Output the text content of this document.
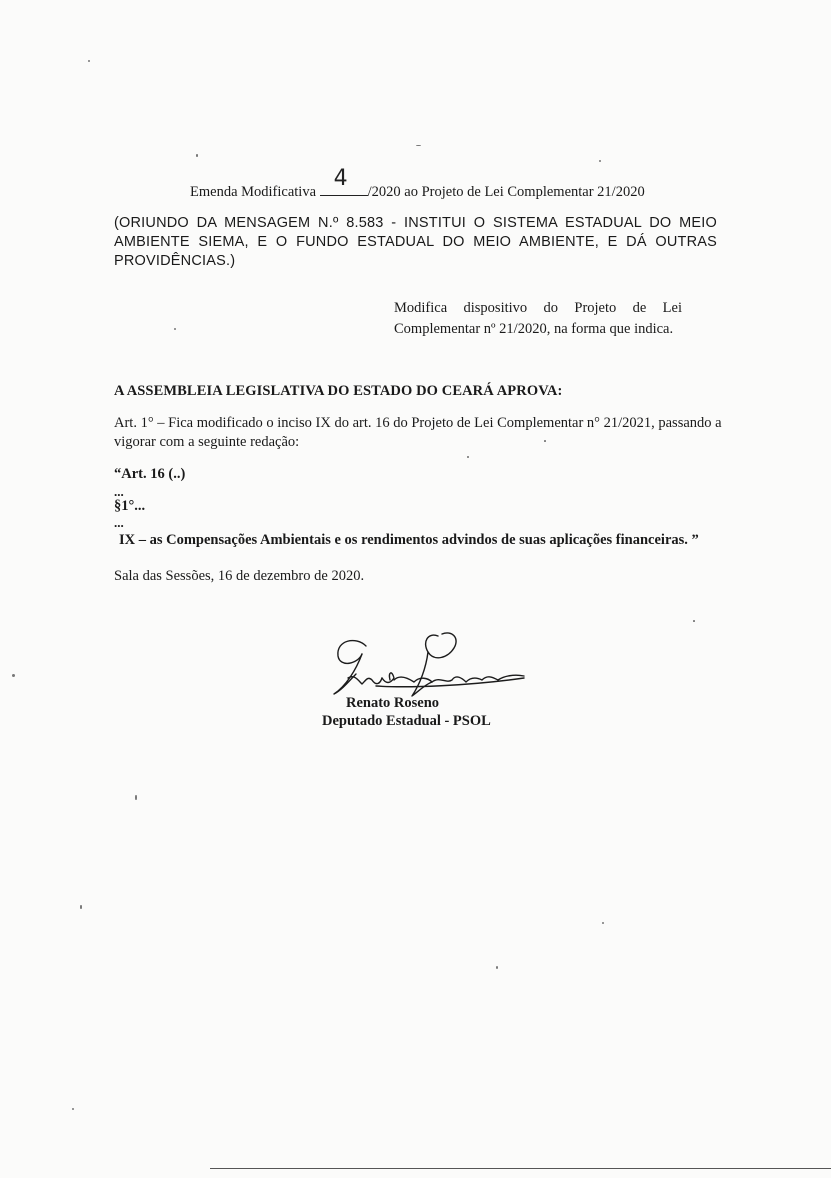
Emenda Modificativa
4
/2020 ao Projeto de Lei Complementar 21/2020
(ORIUNDO DA MENSAGEM N.º 8.583 - INSTITUI O SISTEMA ESTADUAL DO MEIO AMBIENTE SIEMA, E O FUNDO ESTADUAL DO MEIO AMBIENTE, E DÁ OUTRAS PROVIDÊNCIAS.)
Modifica dispositivo do Projeto de Lei Complementar nº 21/2020, na forma que indica.
A ASSEMBLEIA LEGISLATIVA DO ESTADO DO CEARÁ APROVA:
Art. 1° – Fica modificado o inciso IX do art. 16 do Projeto de Lei Complementar n° 21/2021, passando a vigorar com a seguinte redação:
“Art. 16 (..)
...
§1°...
...
IX – as Compensações Ambientais e os rendimentos advindos de suas aplicações financeiras. ”
Sala das Sessões, 16 de dezembro de 2020.
Renato Roseno
Deputado Estadual - PSOL
